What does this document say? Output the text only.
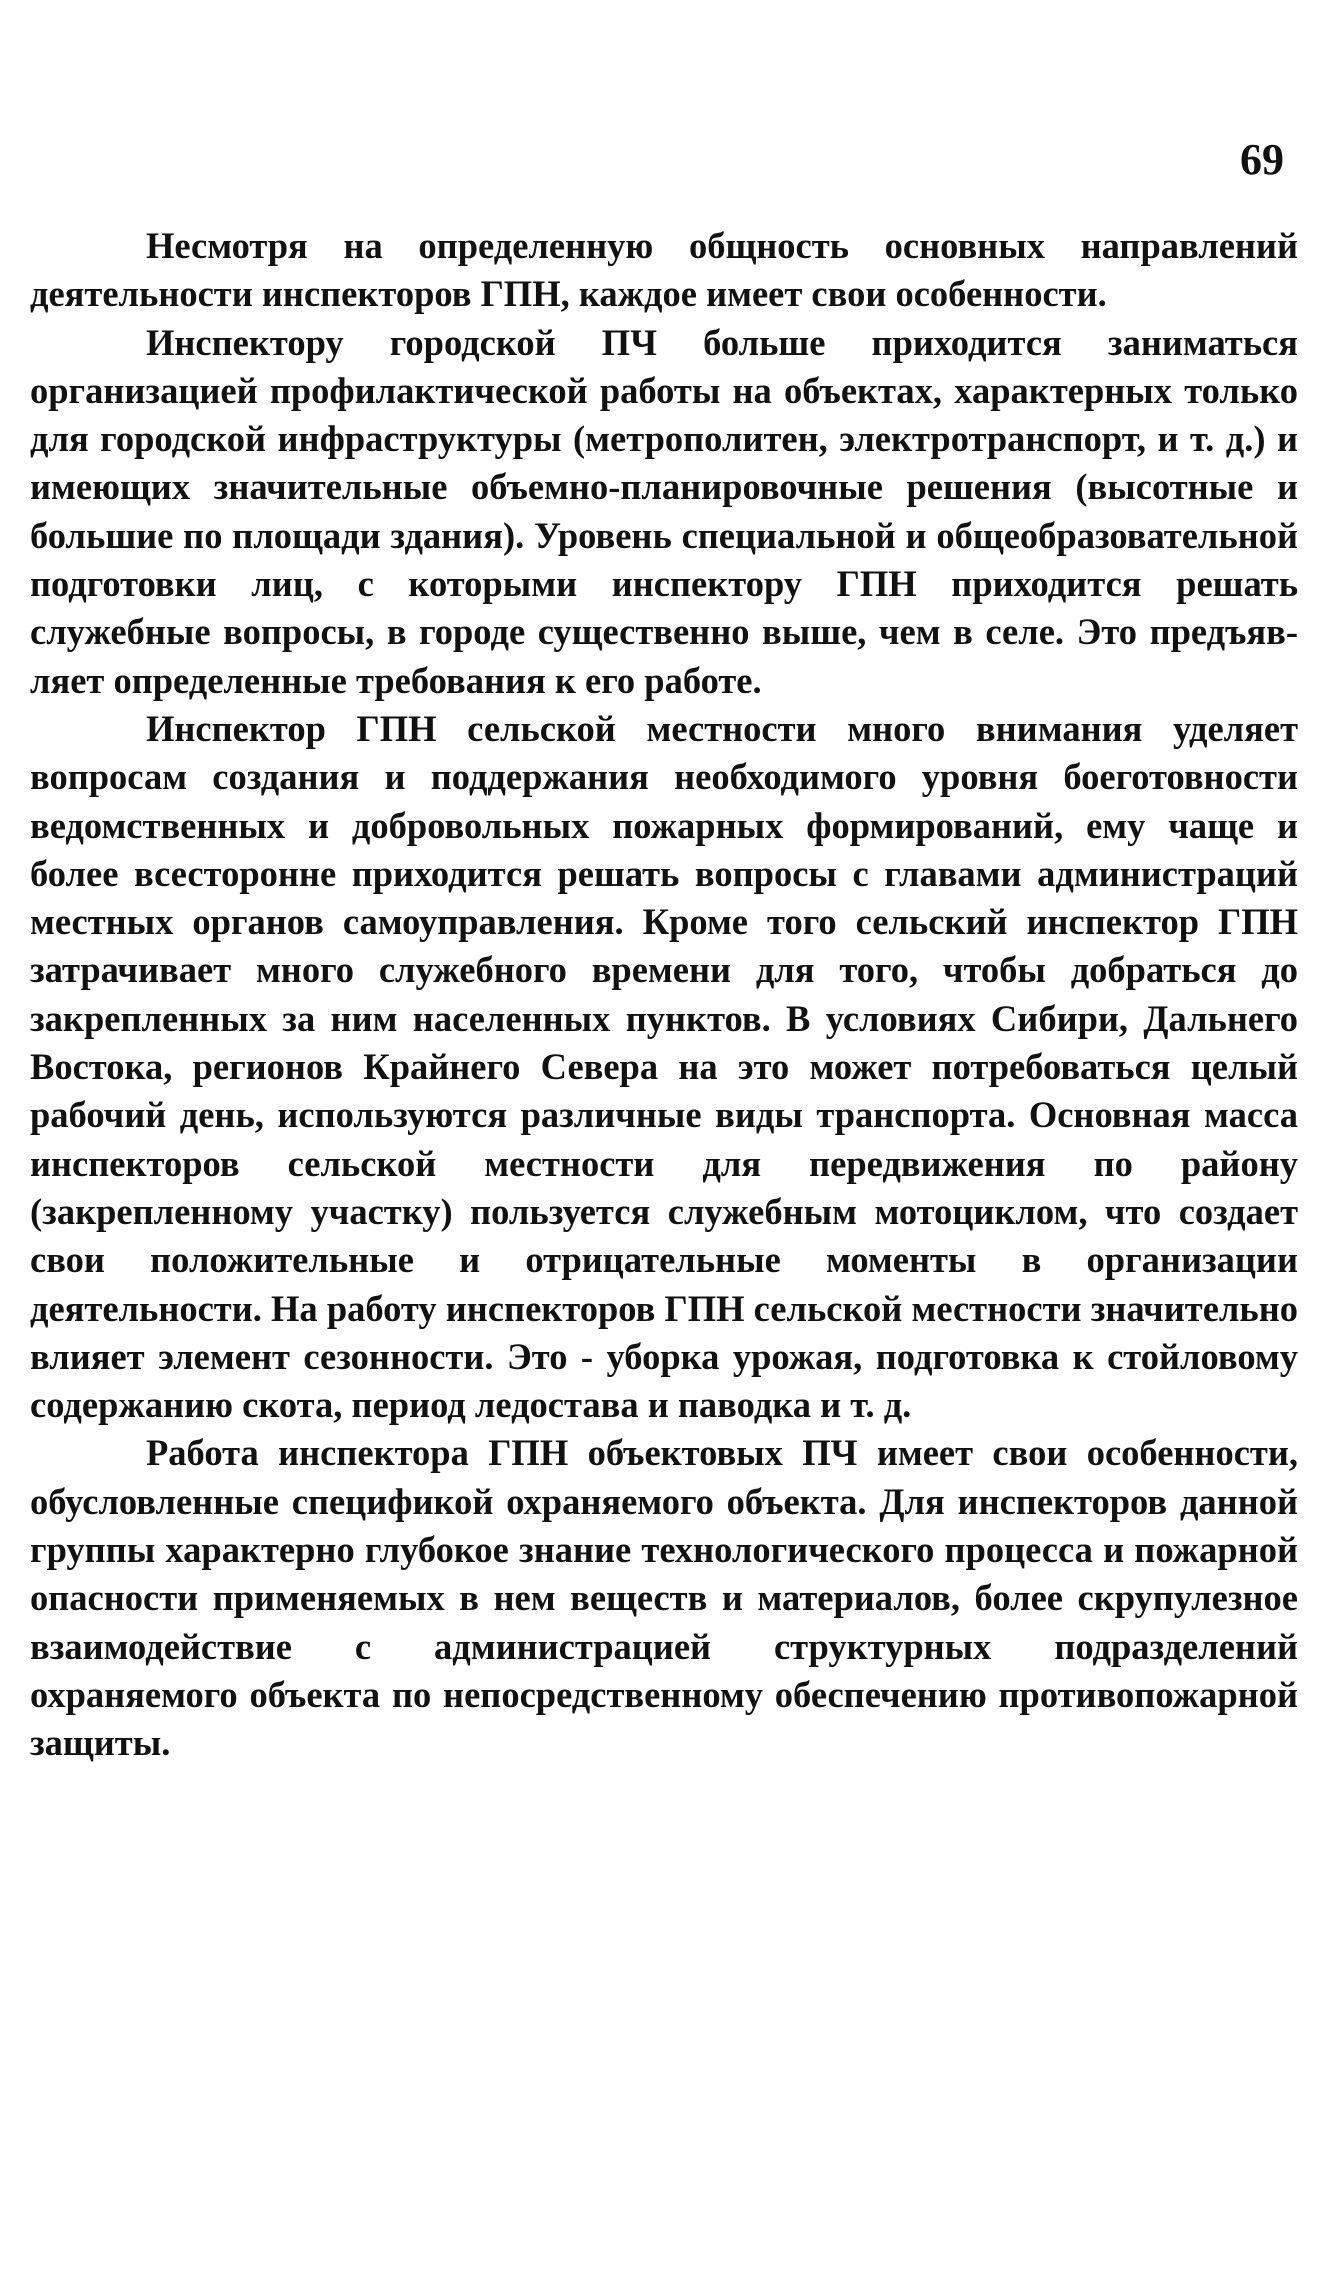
69

Несмотря на определенную общность основных направлений деятельности инспекторов ГПН, каждое имеет свои особенности.

Инспектору городской ПЧ больше приходится заниматься организацией профилактической работы на объектах, характерных только для городской инфраструктуры (метрополитен, электротранспорт, и т. д.) и имеющих значительные объемно-планировочные решения (высотные и большие по площади здания). Уровень специальной и общеобразовательной подготовки лиц, с которыми инспектору ГПН приходится решать служебные вопросы, в городе существенно выше, чем в селе. Это предъявляет определенные требования к его работе.

Инспектор ГПН сельской местности много внимания уделяет вопросам создания и поддержания необходимого уровня боеготовности ведомственных и добровольных пожарных формирований, ему чаще и более всесторонне приходится решать вопросы с главами администраций местных органов самоуправления. Кроме того сельский инспектор ГПН затрачивает много служебного времени для того, чтобы добраться до закрепленных за ним населенных пунктов. В условиях Сибири, Дальнего Востока, регионов Крайнего Севера на это может потребоваться целый рабочий день, используются различные виды транспорта. Основная масса инспекторов сельской местности для передвижения по району (закрепленному участку) пользуется служебным мотоциклом, что создает свои положительные и отрицательные моменты в организации деятельности. На работу инспекторов ГПН сельской местности значительно влияет элемент сезонности. Это - уборка урожая, подготовка к стойловому содержанию скота, период ледостава и паводка и т. д.

Работа инспектора ГПН объектовых ПЧ имеет свои особенности, обусловленные спецификой охраняемого объекта. Для инспекторов данной группы характерно глубокое знание технологического процесса и пожарной опасности применяемых в нем веществ и материалов, более скрупулезное взаимодействие с администрацией структурных подразделений охраняемого объекта по непосредственному обеспечению противопожарной защиты.
